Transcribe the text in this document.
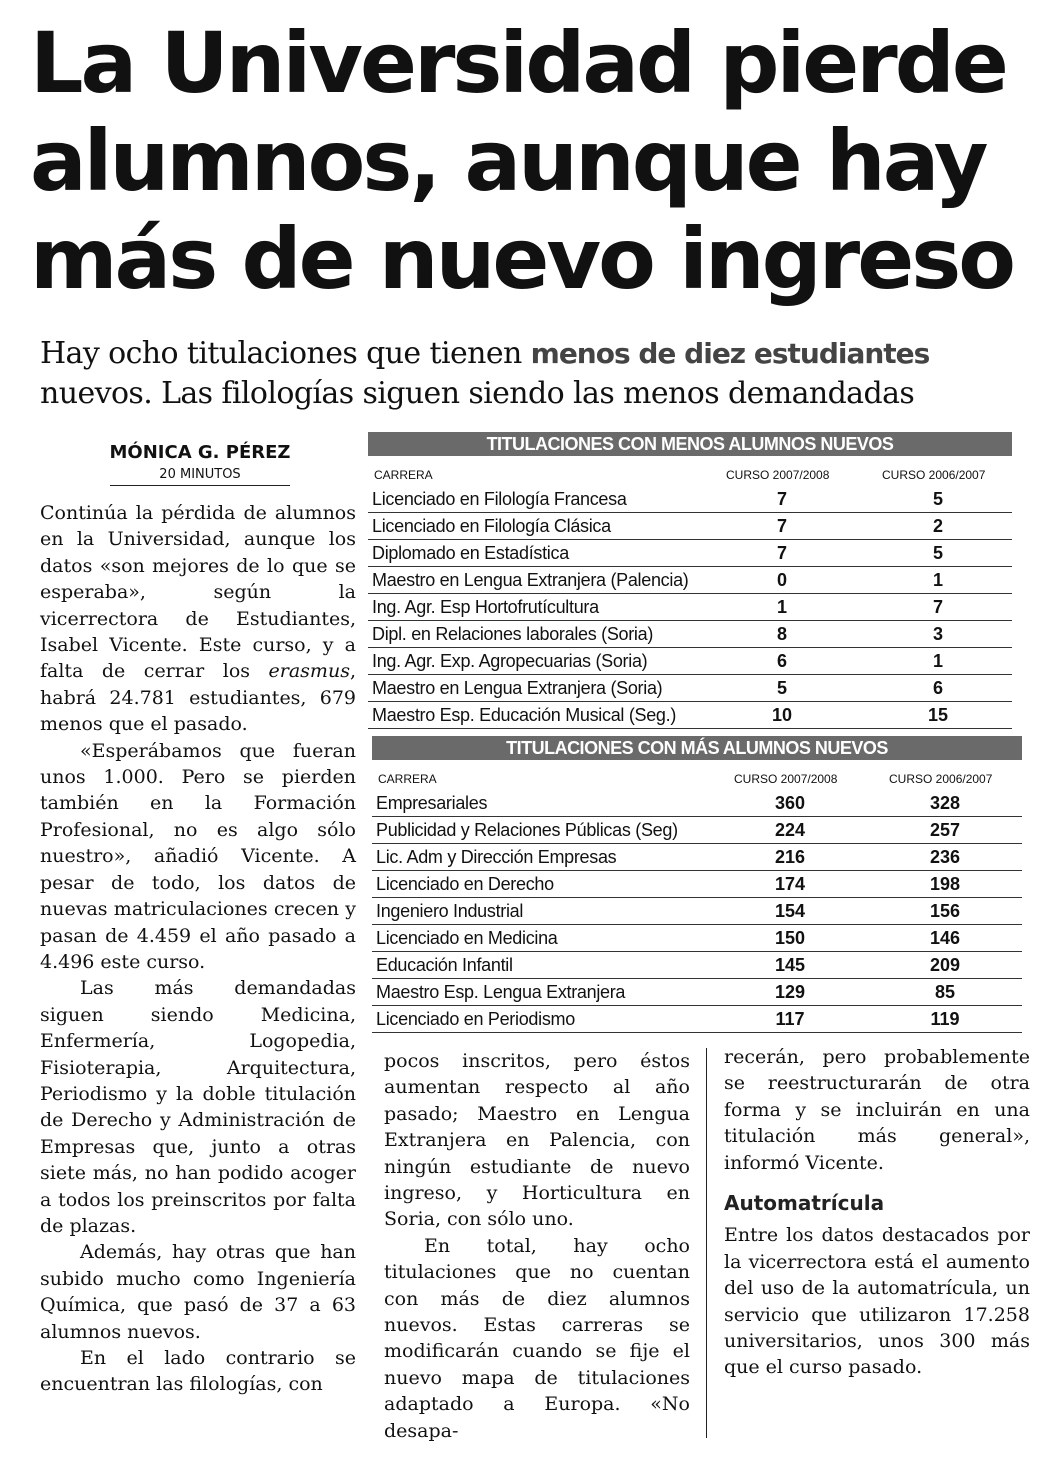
La Universidad pierde alumnos, aunque hay más de nuevo ingreso
Hay ocho titulaciones que tienen menos de diez estudiantes nuevos. Las filologías siguen siendo las menos demandadas
MÓNICA G. PÉREZ
20 MINUTOS

Continúa la pérdida de alumnos en la Universidad, aunque los datos «son mejores de lo que se esperaba», según la vicerrectora de Estudiantes, Isabel Vicente. Este curso, y a falta de cerrar los erasmus, habrá 24.781 estudiantes, 679 menos que el pasado.

«Esperábamos que fueran unos 1.000. Pero se pierden también en la Formación Profesional, no es algo sólo nuestro», añadió Vicente. A pesar de todo, los datos de nuevas matriculaciones crecen y pasan de 4.459 el año pasado a 4.496 este curso.

Las más demandadas siguen siendo Medicina, Enfermería, Logopedia, Fisioterapia, Arquitectura, Periodismo y la doble titulación de Derecho y Administración de Empresas que, junto a otras siete más, no han podido acoger a todos los preinscritos por falta de plazas.

Además, hay otras que han subido mucho como Ingeniería Química, que pasó de 37 a 63 alumnos nuevos.

En el lado contrario se encuentran las filologías, con

TITULACIONES CON MENOS ALUMNOS NUEVOS
CARRERA	CURSO 2007/2008	CURSO 2006/2007
Licenciado en Filología Francesa	7	5
Licenciado en Filología Clásica	7	2
Diplomado en Estadística	7	5
Maestro en Lengua Extranjera (Palencia)	0	1
Ing. Agr. Esp Hortofrutícultura	1	7
Dipl. en Relaciones laborales (Soria)	8	3
Ing. Agr. Exp. Agropecuarias (Soria)	6	1
Maestro en Lengua Extranjera (Soria)	5	6
Maestro Esp. Educación Musical (Seg.)	10	15
TITULACIONES CON MÁS ALUMNOS NUEVOS
CARRERA	CURSO 2007/2008	CURSO 2006/2007
Empresariales	360	328
Publicidad y Relaciones Públicas (Seg)	224	257
Lic. Adm y Dirección Empresas	216	236
Licenciado en Derecho	174	198
Ingeniero Industrial	154	156
Licenciado en Medicina	150	146
Educación Infantil	145	209
Maestro Esp. Lengua Extranjera	129	85
Licenciado en Periodismo	117	119

pocos inscritos, pero éstos aumentan respecto al año pasado; Maestro en Lengua Extranjera en Palencia, con ningún estudiante de nuevo ingreso, y Horticultura en Soria, con sólo uno.

En total, hay ocho titulaciones que no cuentan con más de diez alumnos nuevos. Estas carreras se modificarán cuando se fije el nuevo mapa de titulaciones adaptado a Europa. «No desapa-

recerán, pero probablemente se reestructurarán de otra forma y se incluirán en una titulación más general», informó Vicente.

Automatrícula

Entre los datos destacados por la vicerrectora está el aumento del uso de la automatrícula, un servicio que utilizaron 17.258 universitarios, unos 300 más que el curso pasado.
